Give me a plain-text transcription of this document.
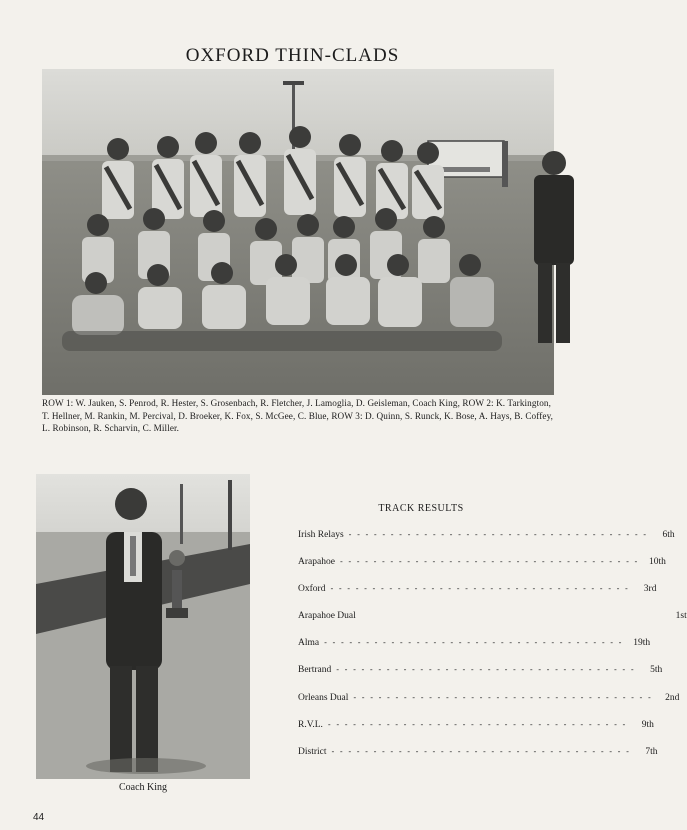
OXFORD THIN-CLADS
ROW 1: W. Jauken, S. Penrod, R. Hester, S. Grosenbach, R. Fletcher, J. Lamoglia, D. Geisleman, Coach King, ROW 2: K. Tarkington, T. Hellner, M. Rankin, M. Percival, D. Broeker, K. Fox, S. McGee, C. Blue, ROW 3: D. Quinn, S. Runck, K. Bose, A. Hays, B. Coffey, L. Robinson, R. Scharvin, C. Miller.
Coach King
TRACK RESULTS
Irish Relays ------------------------------------	6th
Arapahoe ------------------------------------ 10th
Oxford ------------------------------------	3rd
Arapahoe Dual	1st
Alma ------------------------------------ 19th
Bertrand ------------------------------------	5th
Orleans Dual ------------------------------------	2nd
R.V.L. ------------------------------------	9th
District ------------------------------------	7th
44
